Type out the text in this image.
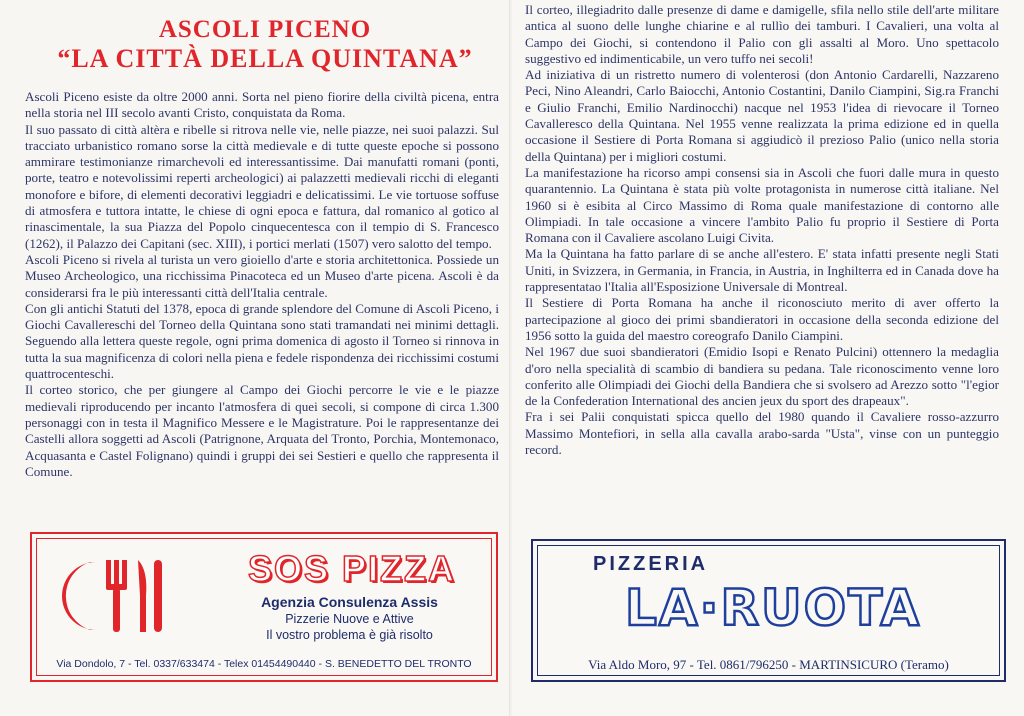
ASCOLI PICENO
“LA CITTÀ DELLA QUINTANA”

Ascoli Piceno esiste da oltre 2000 anni. Sorta nel pieno fiorire della civiltà picena, entra nella storia nel III secolo avanti Cristo, conquistata da Roma.

Il suo passato di città altèra e ribelle si ritrova nelle vie, nelle piazze, nei suoi palazzi. Sul tracciato urbanistico romano sorse la città medievale e di tutte queste epoche si possono ammirare testimonianze rimarchevoli ed interessantissime. Dai manufatti romani (ponti, porte, teatro e notevolissimi reperti archeologici) ai palazzetti medievali ricchi di eleganti monofore e bifore, di elementi decorativi leggiadri e delicatissimi. Le vie tortuose soffuse di atmosfera e tuttora intatte, le chiese di ogni epoca e fattura, dal romanico al gotico al rinascimentale, la sua Piazza del Popolo cinquecentesca con il tempio di S. Francesco (1262), il Palazzo dei Capitani (sec. XIII), i portici merlati (1507) vero salotto del tempo.

Ascoli Piceno si rivela al turista un vero gioiello d'arte e storia architettonica. Possiede un Museo Archeologico, una ricchissima Pinacoteca ed un Museo d'arte picena. Ascoli è da considerarsi fra le più interessanti città dell'Italia centrale.

Con gli antichi Statuti del 1378, epoca di grande splendore del Comune di Ascoli Piceno, i Giochi Cavallereschi del Torneo della Quintana sono stati tramandati nei minimi dettagli. Seguendo alla lettera queste regole, ogni prima domenica di agosto il Torneo si rinnova in tutta la sua magnificenza di colori nella piena e fedele rispondenza dei ricchissimi costumi quattrocenteschi.

Il corteo storico, che per giungere al Campo dei Giochi percorre le vie e le piazze medievali riproducendo per incanto l'atmosfera di quei secoli, si compone di circa 1.300 personaggi con in testa il Magnifico Messere e le Magistrature. Poi le rappresentanze dei Castelli allora soggetti ad Ascoli (Patrignone, Arquata del Tronto, Porchia, Montemonaco, Acquasanta e Castel Folignano) quindi i gruppi dei sei Sestieri e quello che rappresenta il Comune.

SOS PIZZA
Agenzia Consulenza Assis
Pizzerie Nuove e Attive
Il vostro problema è già risolto
Via Dondolo, 7 - Tel. 0337/633474 - Telex 01454490440 - S. BENEDETTO DEL TRONTO

Il corteo, illegiadrito dalle presenze di dame e damigelle, sfila nello stile dell'arte militare antica al suono delle lunghe chiarine e al rullìo dei tamburi. I Cavalieri, una volta al Campo dei Giochi, si contendono il Palio con gli assalti al Moro. Uno spettacolo suggestivo ed indimenticabile, un vero tuffo nei secoli!

Ad iniziativa di un ristretto numero di volenterosi (don Antonio Cardarelli, Nazzareno Peci, Nino Aleandri, Carlo Baiocchi, Antonio Costantini, Danilo Ciampini, Sig.ra Franchi e Giulio Franchi, Emilio Nardinocchi) nacque nel 1953 l'idea di rievocare il Torneo Cavalleresco della Quintana. Nel 1955 venne realizzata la prima edizione ed in quella occasione il Sestiere di Porta Romana si aggiudicò il prezioso Palio (unico nella storia della Quintana) per i migliori costumi.

La manifestazione ha ricorso ampi consensi sia in Ascoli che fuori dalle mura in questo quarantennio. La Quintana è stata più volte protagonista in numerose città italiane. Nel 1960 si è esibita al Circo Massimo di Roma quale manifestazione di contorno alle Olimpiadi. In tale occasione a vincere l'ambito Palio fu proprio il Sestiere di Porta Romana con il Cavaliere ascolano Luigi Civita.

Ma la Quintana ha fatto parlare di se anche all'estero. E' stata infatti presente negli Stati Uniti, in Svizzera, in Germania, in Francia, in Austria, in Inghilterra ed in Canada dove ha rappresentatao l'Italia all'Esposizione Universale di Montreal.

Il Sestiere di Porta Romana ha anche il riconosciuto merito di aver offerto la partecipazione al gioco dei primi sbandieratori in occasione della seconda edizione del 1956 sotto la guida del maestro coreografo Danilo Ciampini.

Nel 1967 due suoi sbandieratori (Emidio Isopi e Renato Pulcini) ottennero la medaglia d'oro nella specialità di scambio di bandiera su pedana. Tale riconoscimento venne loro conferito alle Olimpiadi dei Giochi della Bandiera che si svolsero ad Arezzo sotto "l'egior de la Confederation International des ancien jeux du sport des drapeaux".

Fra i sei Palii conquistati spicca quello del 1980 quando il Cavaliere rosso-azzurro Massimo Montefiori, in sella alla cavalla arabo-sarda "Usta", vinse con un punteggio record.

PIZZERIA
LA·RUOTA
Via Aldo Moro, 97 - Tel. 0861/796250 - MARTINSICURO (Teramo)
